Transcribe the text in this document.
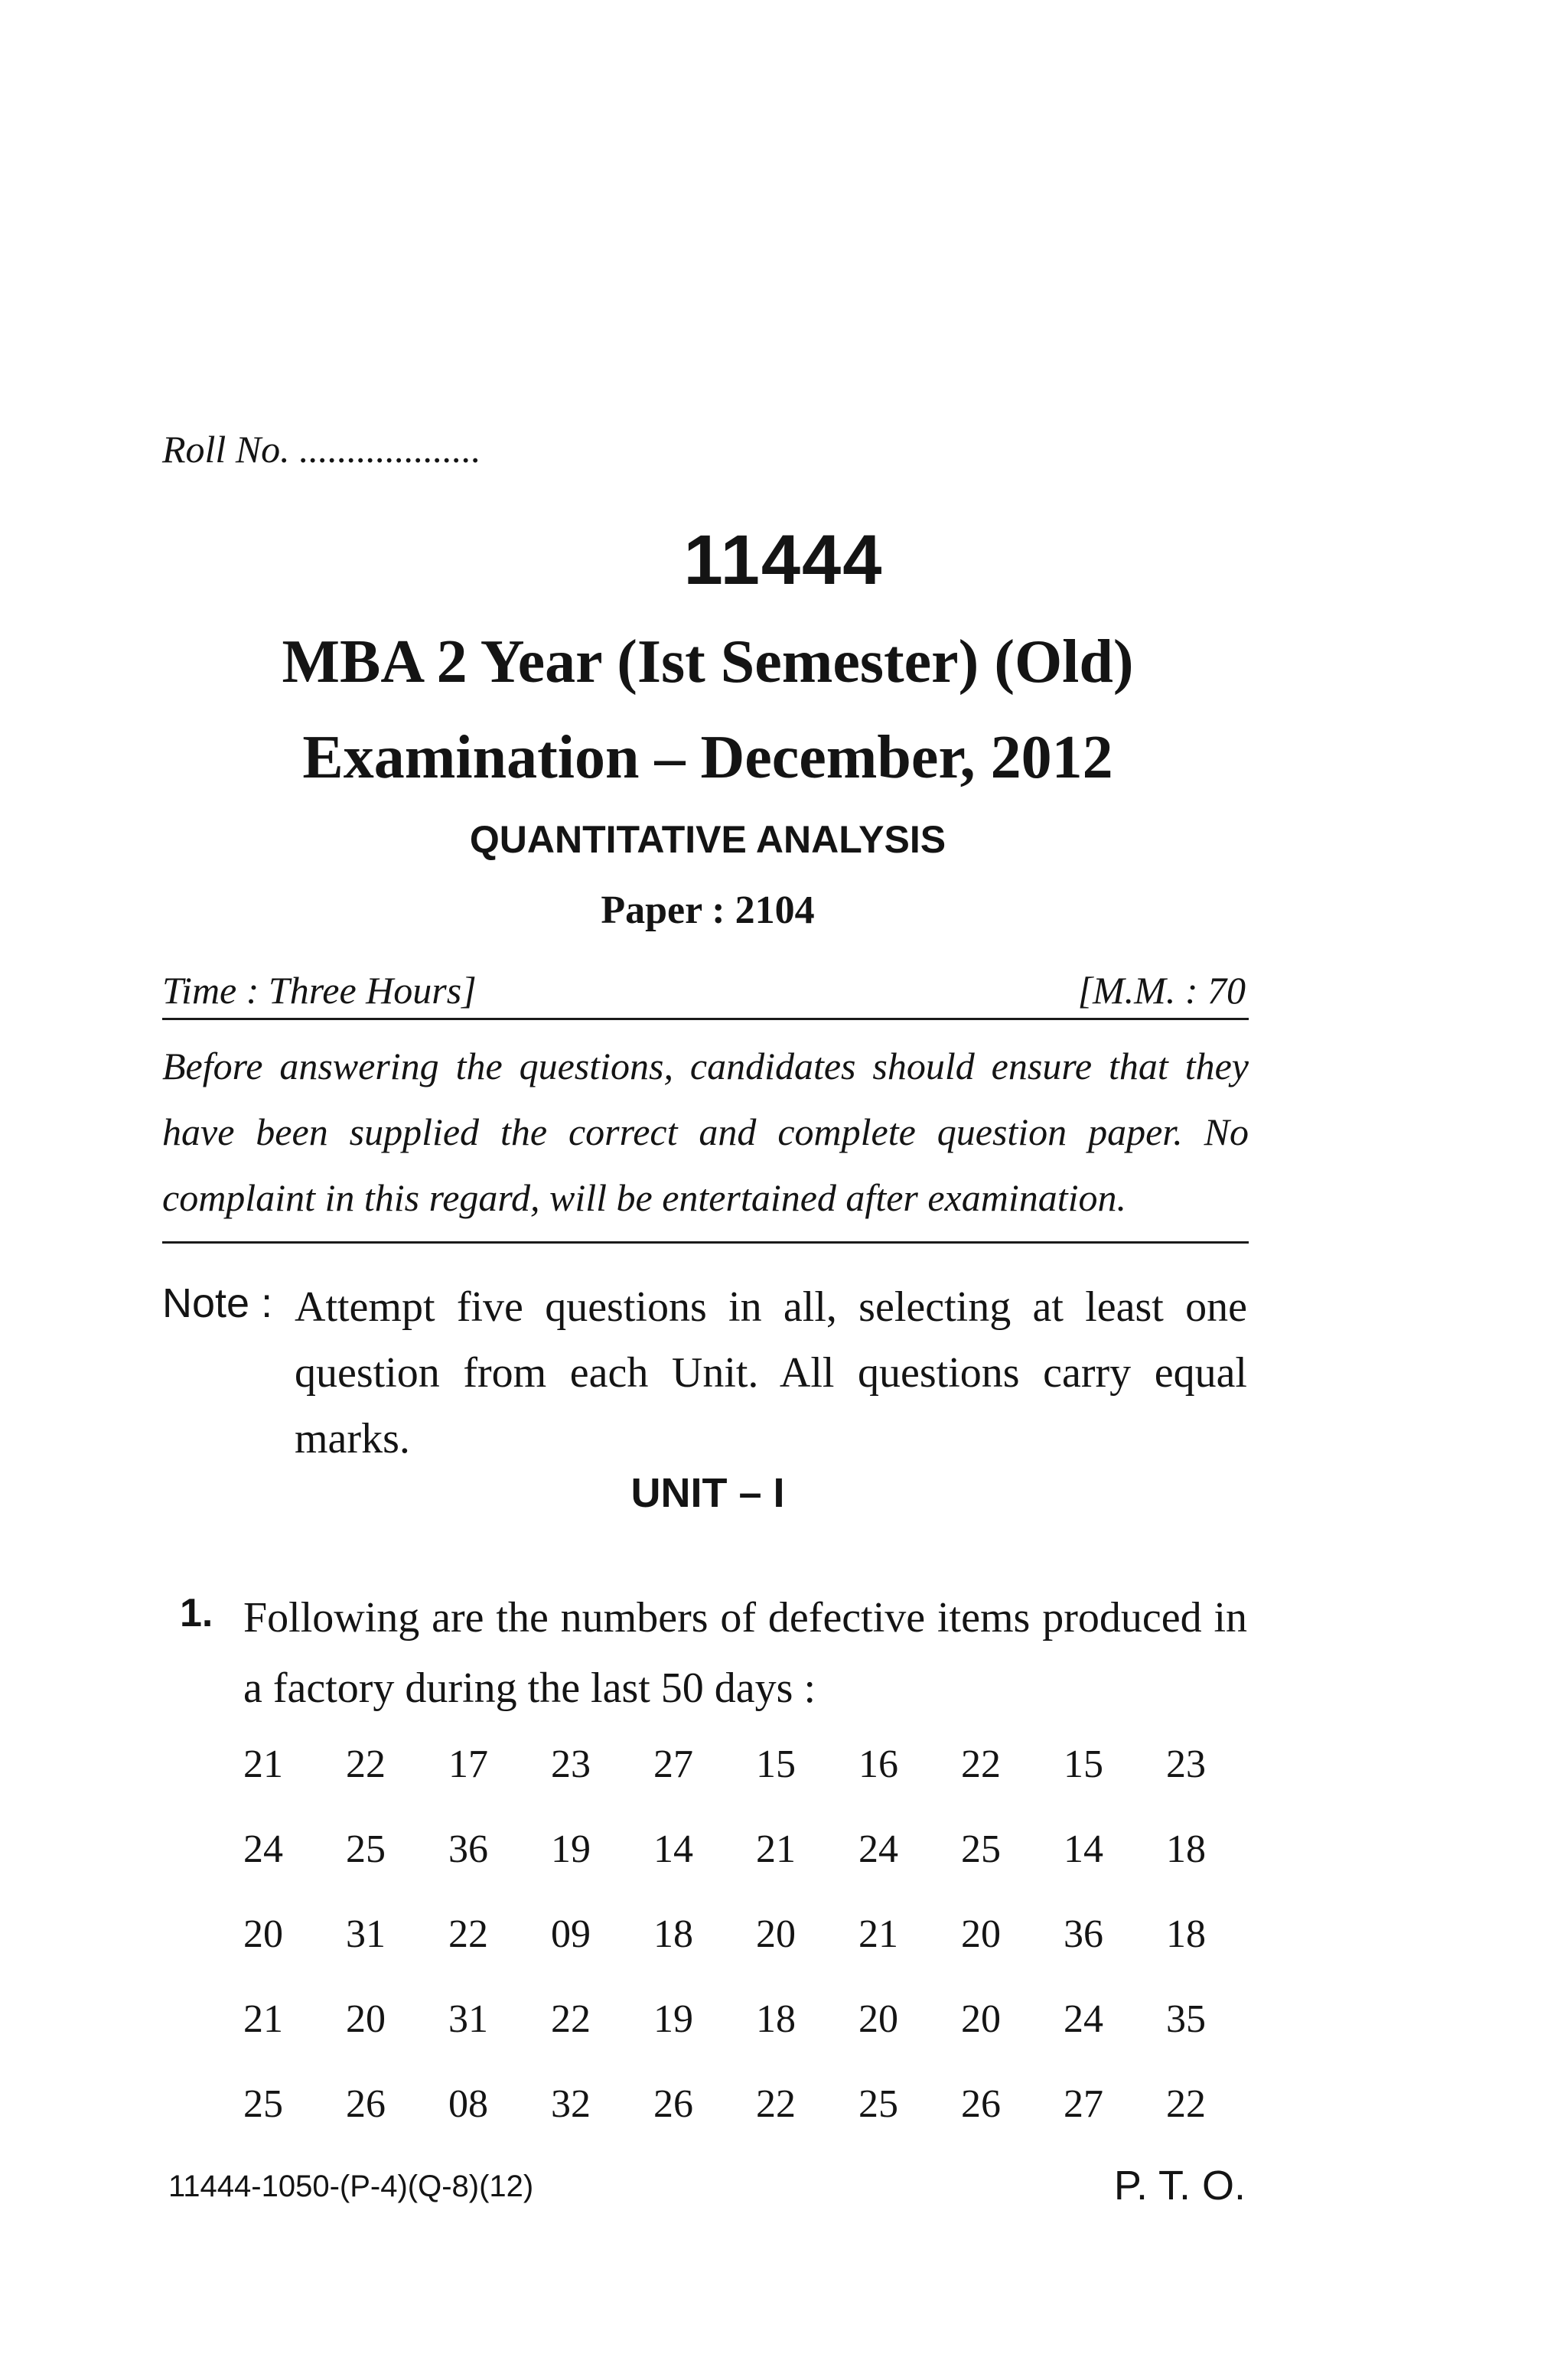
Roll No. ...................
11444
MBA 2 Year (Ist Semester) (Old)
Examination – December, 2012
QUANTITATIVE ANALYSIS
Paper : 2104
Time : Three Hours]	[M.M. : 70
Before answering the questions, candidates should ensure that they have been supplied the correct and complete question paper. No complaint in this regard, will be entertained after examination.
Note : Attempt five questions in all, selecting at least one question from each Unit. All questions carry equal marks.
UNIT – I
1. Following are the numbers of defective items produced in a factory during the last 50 days :
21	22	17	23	27	15	16	22	15	23
24	25	36	19	14	21	24	25	14	18
20	31	22	09	18	20	21	20	36	18
21	20	31	22	19	18	20	20	24	35
25	26	08	32	26	22	25	26	27	22
11444-1050-(P-4)(Q-8)(12)	P. T. O.
